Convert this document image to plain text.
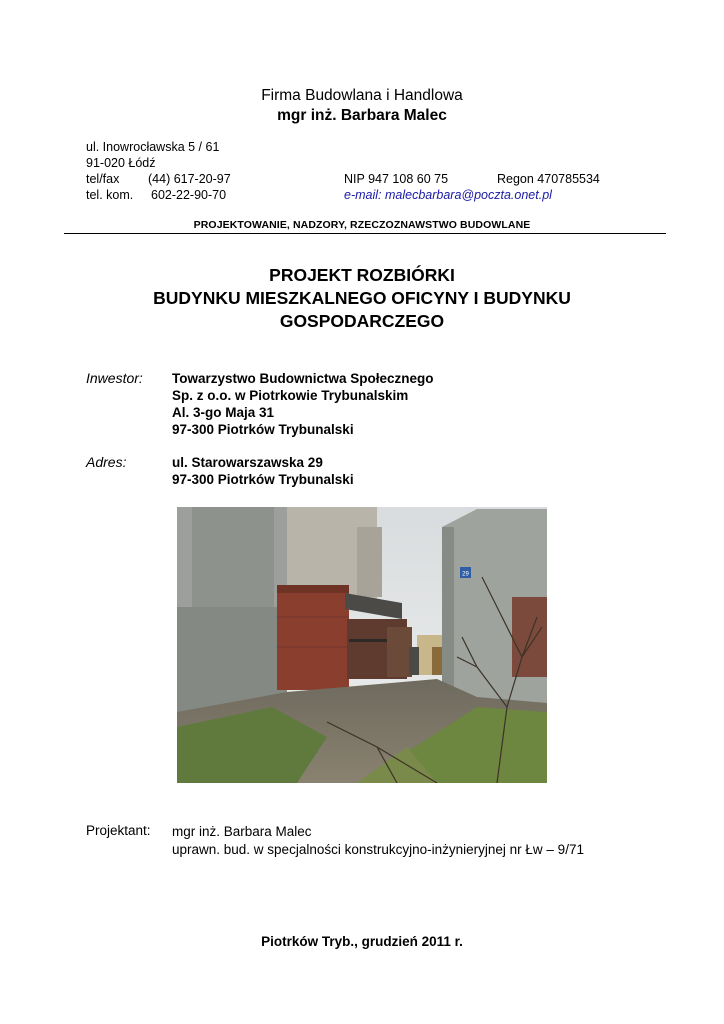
Firma Budowlana i Handlowa
mgr inż. Barbara Malec
ul. Inowrocławska 5 / 61
91-020 Łódź
tel/fax (44) 617-20-97
tel. kom. 602-22-90-70
NIP 947 108 60 75	Regon 470785534
e-mail: malecbarbara@poczta.onet.pl
PROJEKTOWANIE, NADZORY, RZECZOZNAWSTWO BUDOWLANE
PROJEKT ROZBIÓRKI
BUDYNKU MIESZKALNEGO OFICYNY I BUDYNKU
GOSPODARCZEGO
Inwestor: Towarzystwo Budownictwa Społecznego
Sp. z o.o. w Piotrkowie Trybunalskim
Al. 3-go Maja 31
97-300 Piotrków Trybunalski
Adres:	ul. Starowarszawska 29
97-300 Piotrków Trybunalski
29
Projektant: mgr inż. Barbara Malec
uprawn. bud. w specjalności konstrukcyjno-inżynieryjnej nr Łw – 9/71
Piotrków Tryb., grudzień 2011 r.
